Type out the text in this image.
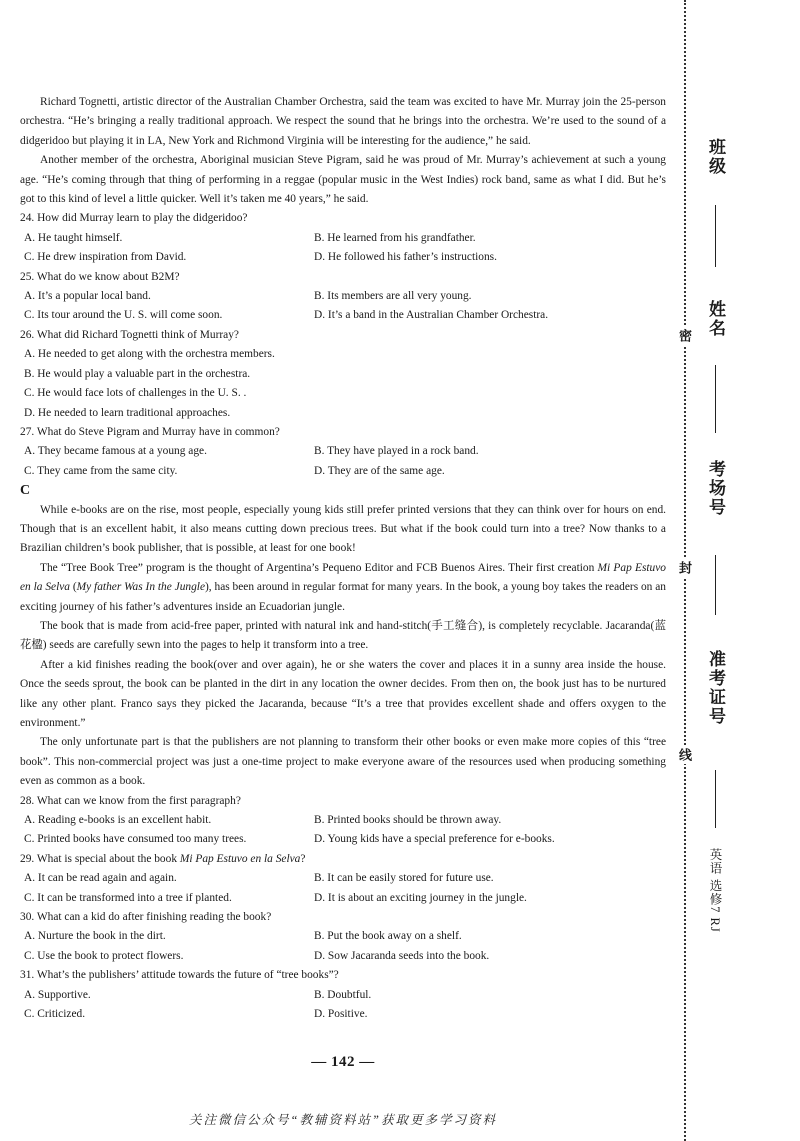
Richard Tognetti, artistic director of the Australian Chamber Orchestra, said the team was excited to have Mr. Murray join the 25-person orchestra. “He’s bringing a really traditional approach. We respect the sound that he brings into the orchestra. We’re used to the sound of a didgeridoo but playing it in LA, New York and Richmond Virginia will be interesting for the audience,” he said.

Another member of the orchestra, Aboriginal musician Steve Pigram, said he was proud of Mr. Murray’s achievement at such a young age. “He’s coming through that thing of performing in a reggae (popular music in the West Indies) rock band, same as what I did. But he’s got to this kind of level a little quicker. Well it’s taken me 40 years,” he said.

24. How did Murray learn to play the didgeridoo?

A. He taught himself.	B. He learned from his grandfather.
C. He drew inspiration from David.	D. He followed his father’s instructions.

25. What do we know about B2M?

A. It’s a popular local band.	B. Its members are all very young.
C. Its tour around the U. S. will come soon.	D. It’s a band in the Australian Chamber Orchestra.

26. What did Richard Tognetti think of Murray?

A. He needed to get along with the orchestra members.
B. He would play a valuable part in the orchestra.
C. He would face lots of challenges in the U. S. .
D. He needed to learn traditional approaches.

27. What do Steve Pigram and Murray have in common?

A. They became famous at a young age.	B. They have played in a rock band.
C. They came from the same city.	D. They are of the same age.

C

While e-books are on the rise, most people, especially young kids still prefer printed versions that they can think over for hours on end. Though that is an excellent habit, it also means cutting down precious trees. But what if the book could turn into a tree? Now thanks to a Brazilian children’s book publisher, that is possible, at least for one book!

The “Tree Book Tree” program is the thought of Argentina’s Pequeno Editor and FCB Buenos Aires. Their first creation Mi Pap Estuvo en la Selva (My father Was In the Jungle), has been around in regular format for many years. In the book, a young boy takes the readers on an exciting journey of his father’s adventures inside an Ecuadorian jungle.

The book that is made from acid-free paper, printed with natural ink and hand-stitch(手工缝合), is completely recyclable. Jacaranda(蓝花楹) seeds are carefully sewn into the pages to help it transform into a tree.

After a kid finishes reading the book(over and over again), he or she waters the cover and places it in a sunny area inside the house. Once the seeds sprout, the book can be planted in the dirt in any location the owner decides. From then on, the book just has to be nurtured like any other plant. Franco says they picked the Jacaranda, because “It’s a tree that provides excellent shade and offers oxygen to the environment.”

The only unfortunate part is that the publishers are not planning to transform their other books or even make more copies of this “tree book”. This non-commercial project was just a one-time project to make everyone aware of the resources used when producing something even as common as a book.

28. What can we know from the first paragraph?

A. Reading e-books is an excellent habit.	B. Printed books should be thrown away.
C. Printed books have consumed too many trees.	D. Young kids have a special preference for e-books.

29. What is special about the book Mi Pap Estuvo en la Selva?

A. It can be read again and again.	B. It can be easily stored for future use.
C. It can be transformed into a tree if planted.	D. It is about an exciting journey in the jungle.

30. What can a kid do after finishing reading the book?

A. Nurture the book in the dirt.	B. Put the book away on a shelf.
C. Use the book to protect flowers.	D. Sow Jacaranda seeds into the book.

31. What’s the publishers’ attitude towards the future of “tree books”?

A. Supportive.	B. Doubtful.
C. Criticized.	D. Positive.
— 142 —
关注微信公众号“教辅资料站”获取更多学习资料
班级
姓名
密
考场号
封
准考证号
线
英语 选修7 RJ
